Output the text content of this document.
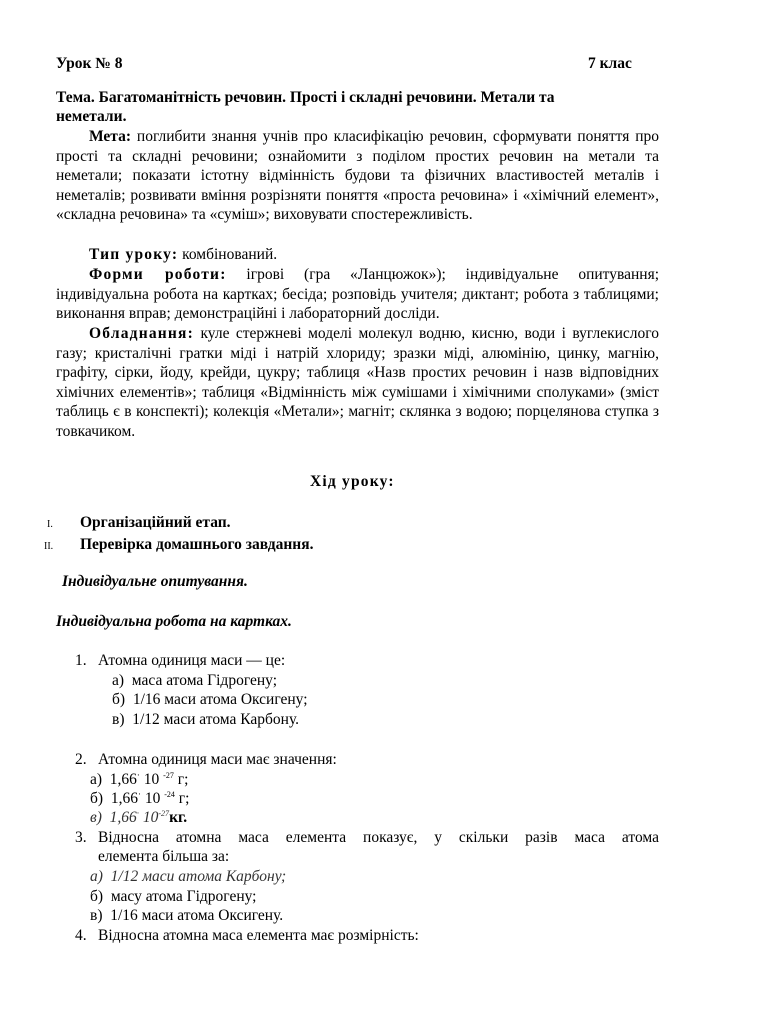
Урок № 8	7 клас
Тема. Багатоманітність речовин. Прості і складні речовини. Метали та
неметали.

Мета: поглибити знання учнів про класифікацію речовин, сформувати поняття про прості та складні речовини; ознайомити з поділом простих речовин на метали та неметали; показати істотну відмінність будови та фізичних властивостей металів і неметалів; розвивати вміння розрізняти поняття «проста речовина» і «хімічний елемент», «складна речовина» та «суміш»; виховувати спостережливість.

Тип уроку: комбінований.

Форми роботи: ігрові (гра «Ланцюжок»); індивідуальне опитування; індивідуальна робота на картках; бесіда; розповідь учителя; диктант; робота з таблицями; виконання вправ; демонстраційні і лабораторний досліди.

Обладнання: куле стержневі моделі молекул водню, кисню, води і вуглекислого газу; кристалічні гратки міді і натрій хлориду; зразки міді, алюмінію, цинку, магнію, графіту, сірки, йоду, крейди, цукру; таблиця «Назв простих речовин і назв відповідних хімічних елементів»; таблиця «Відмінність між сумішами і хімічними сполуками» (зміст таблиць є в конспекті); колекція «Метали»; магніт; склянка з водою; порцелянова ступка з товкачиком.

Хід уроку:
I. Організаційний етап.
II. Перевірка домашнього завдання.
Індивідуальне опитування.
Індивідуальна робота на картках.
1. Атомна одиниця маси — це:
а) маса атома Гідрогену;
б) 1/16 маси атома Оксигену;
в) 1/12 маси атома Карбону.
2. Атомна одиниця маси має значення:
а) 1,66· 10 $^{-27}$ г;
б) 1,66· 10 $^{-24}$ г;
в) 1,66· $10^{-27}кг$.
3. Відносна атомна маса елемента показує, у скільки разів маса атома
елемента більша за:
а) 1/12 маси атома Карбону;
б) масу атома Гідрогену;
в) 1/16 маси атома Оксигену.
4. Відносна атомна маса елемента має розмірність:
